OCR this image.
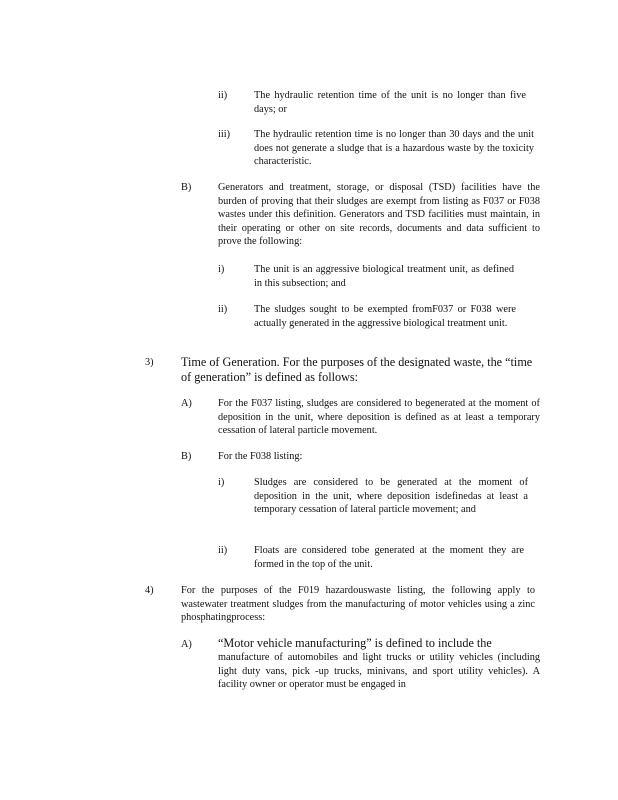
ii)	The hydraulic retention time of the unit is no longer than five days; or
iii) The hydraulic retention time is no longer than 30 days and the unit does not generate a sludge that is a hazardous waste by the toxicity characteristic.
B)	Generators and treatment, storage, or disposal (TSD) facilities have the burden of proving that their sludges are exempt from listing as F037 or F038 wastes under this definition. Generators and TSD facilities must maintain, in their operating or other on site records, documents and data sufficient to prove the following:
i)	The unit is an aggressive biological treatment unit, as defined in this subsection; and
ii)	The sludges sought to be exempted fromF037 or F038 were actually generated in the aggressive biological treatment unit.
3) Time of Generation. For the purposes of the designated waste, the “time of generation” is defined as follows:
A)	For the F037 listing, sludges are considered to begenerated at the moment of deposition in the unit, where deposition is defined as at least a temporary cessation of lateral particle movement.
B)	For the F038 listing:
i)	Sludges are considered to be generated at the moment of deposition in the unit, where deposition isdefinedas at least a temporary cessation of lateral particle movement; and
ii)	Floats are considered tobe generated at the moment they are formed in the top of the unit.
4)	For the purposes of the F019 hazardouswaste listing, the following apply to wastewater treatment sludges from the manufacturing of motor vehicles using a zinc phosphatingprocess:
A) “Motor vehicle manufacturing” is defined to include the
manufacture of automobiles and light trucks or utility vehicles (including light duty vans, pick -up trucks, minivans, and sport utility vehicles). A facility owner or operator must be engaged in
